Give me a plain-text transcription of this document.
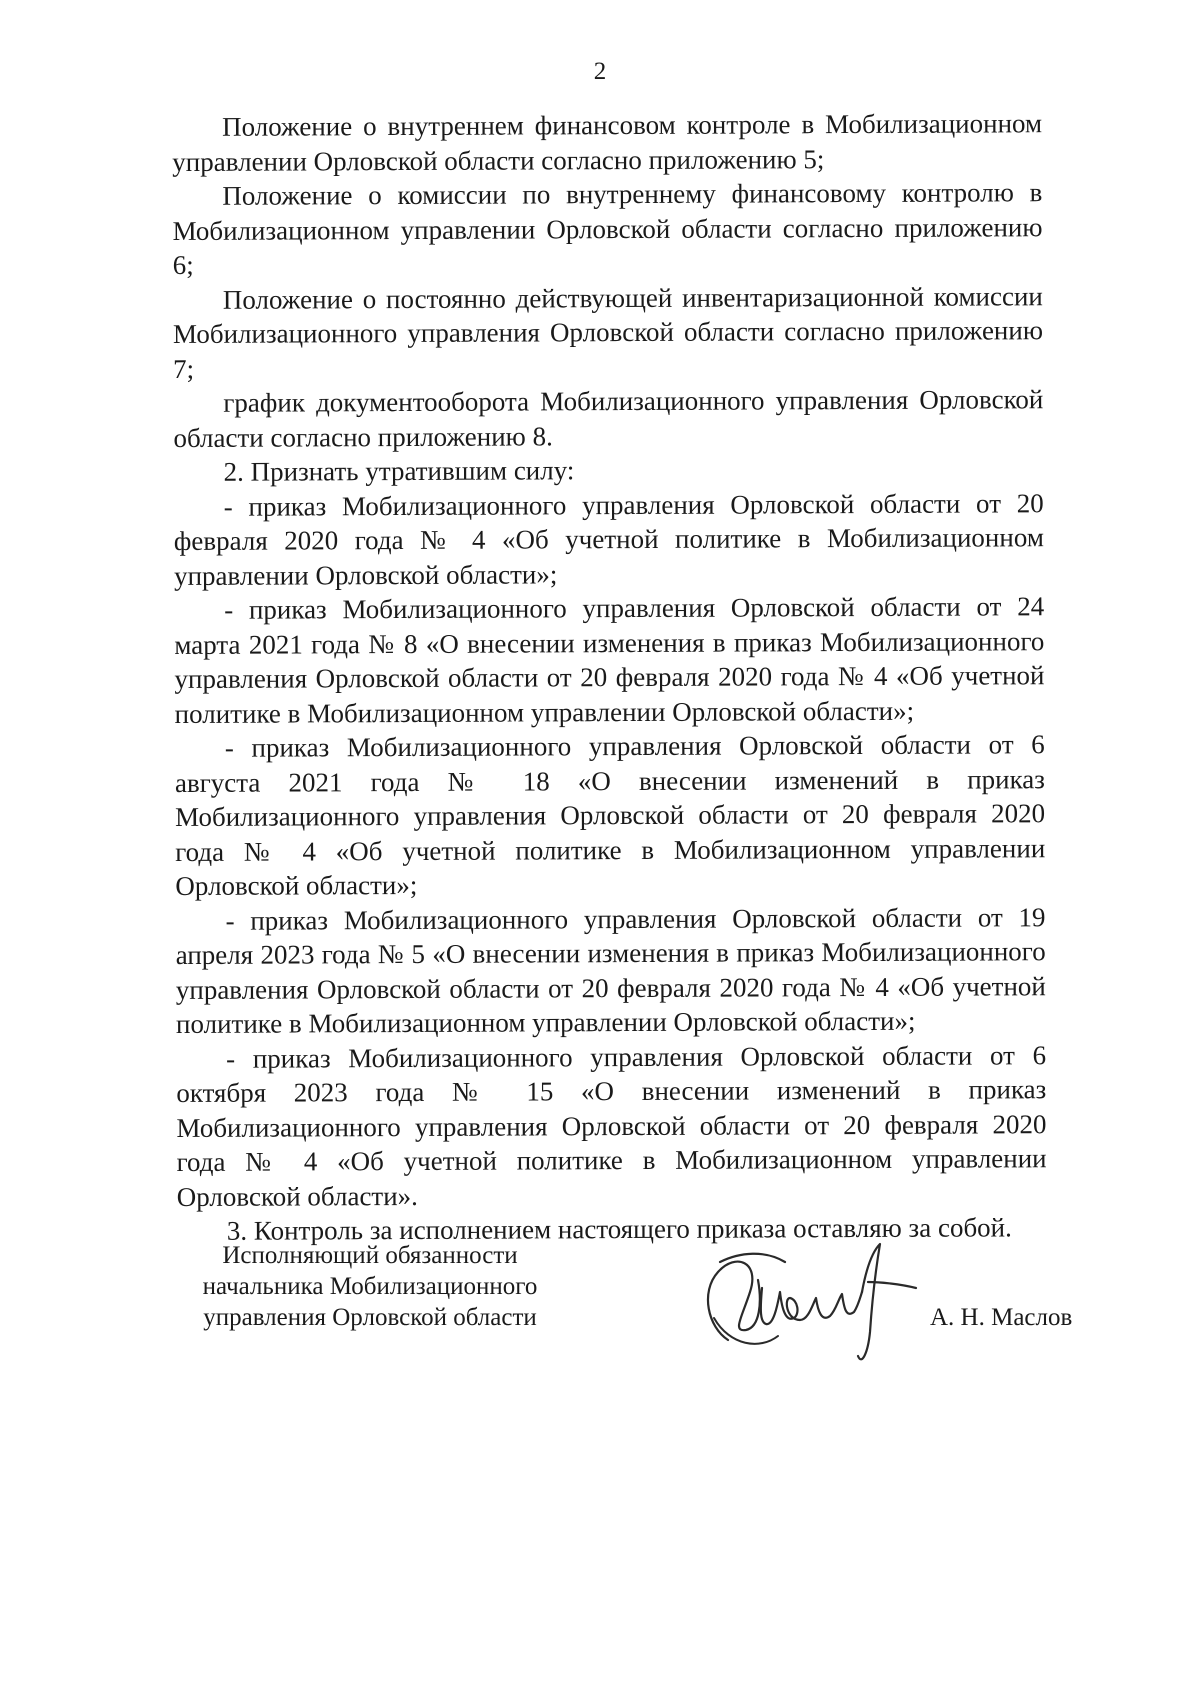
2

Положение о внутреннем финансовом контроле в Мобилизационном управлении Орловской области согласно приложению 5;

Положение о комиссии по внутреннему финансовому контролю в Мобилизационном управлении Орловской области согласно приложению 6;

Положение о постоянно действующей инвентаризационной комиссии Мобилизационного управления Орловской области согласно приложению 7;

график документооборота Мобилизационного управления Орловской области согласно приложению 8.

2. Признать утратившим силу:

- приказ Мобилизационного управления Орловской области от 20 февраля 2020 года № 4 «Об учетной политике в Мобилизационном управлении Орловской области»;

- приказ Мобилизационного управления Орловской области от 24 марта 2021 года № 8 «О внесении изменения в приказ Мобилизационного управления Орловской области от 20 февраля 2020 года № 4 «Об учетной политике в Мобилизационном управлении Орловской области»;

- приказ Мобилизационного управления Орловской области от 6 августа 2021 года № 18 «О внесении изменений в приказ Мобилизационного управления Орловской области от 20 февраля 2020 года № 4 «Об учетной политике в Мобилизационном управлении Орловской области»;

- приказ Мобилизационного управления Орловской области от 19 апреля 2023 года № 5 «О внесении изменения в приказ Мобилизационного управления Орловской области от 20 февраля 2020 года № 4 «Об учетной политике в Мобилизационном управлении Орловской области»;

- приказ Мобилизационного управления Орловской области от 6 октября 2023 года № 15 «О внесении изменений в приказ Мобилизационного управления Орловской области от 20 февраля 2020 года № 4 «Об учетной политике в Мобилизационном управлении Орловской области».

3. Контроль за исполнением настоящего приказа оставляю за собой.

Исполняющий обязанности
начальника Мобилизационного
управления Орловской области	А. Н. Маслов
